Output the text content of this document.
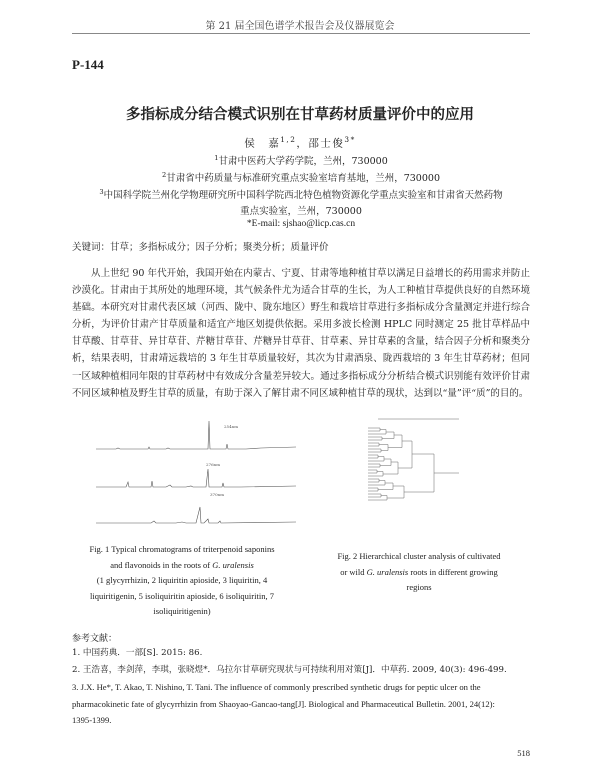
第 21 届全国色谱学术报告会及仪器展览会
P-144
多指标成分结合模式识别在甘草药材质量评价中的应用
侯　嘉$^{1,2}$，邵士俊$^{3*}$
$^1$甘肃中医药大学药学院，兰州，730000
$^2$甘肃省中药质量与标准研究重点实验室培育基地，兰州，730000
$^3$中国科学院兰州化学物理研究所中国科学院西北特色植物资源化学重点实验室和甘肃省天然药物
重点实验室，兰州，730000
*E-mail: sjshao@licp.cas.cn
关键词：甘草；多指标成分；因子分析；聚类分析；质量评价
从上世纪 90 年代开始，我国开始在内蒙古、宁夏、甘肃等地种植甘草以满足日益增长的药用需求并防止沙漠化。甘肃由于其所处的地理环境，其气候条件尤为适合甘草的生长，为人工种植甘草提供良好的自然环境基础。本研究对甘肃代表区域（河西、陇中、陇东地区）野生和栽培甘草进行多指标成分含量测定并进行综合分析，为评价甘肃产甘草质量和适宜产地区划提供依据。采用多波长检测 HPLC 同时测定 25 批甘草样品中甘草酸、甘草苷、异甘草苷、芹糖甘草苷、芹糖异甘草苷、甘草素、异甘草素的含量，结合因子分析和聚类分析，结果表明，甘肃靖远栽培的 3 年生甘草质量较好，其次为甘肃酒泉、陇西栽培的 3 年生甘草药材；但同一区域种植相同年限的甘草药材中有效成分含量差异较大。通过多指标成分分析结合模式识别能有效评价甘肃不同区域种植及野生甘草的质量，有助于深入了解甘肃不同区域种植甘草的现状，达到以“量”评“质”的目的。
254nm
276nm
370nm
Fig. 1 Typical chromatograms of triterpenoid saponins
and flavonoids in the roots of G. uralensis
(1 glycyrrhizin, 2 liquiritin apioside, 3 liquiritin, 4
liquiritigenin, 5 isoliquiritin apioside, 6 isoliquiritin, 7
isoliquiritigenin)
Fig. 2 Hierarchical cluster analysis of cultivated
or wild G. uralensis roots in different growing
regions
参考文献：
1. 中国药典．一部[S]. 2015: 86.
2. 王浩喜，李剑萍，李琪，张晓煜*．乌拉尔甘草研究现状与可持续利用对策[J]．中草药. 2009, 40(3): 496-499.
3. J.X. He*, T. Akao, T. Nishino, T. Tani. The influence of commonly prescribed synthetic drugs for peptic ulcer on the
pharmacokinetic fate of glycyrrhizin from Shaoyao-Gancao-tang[J]. Biological and Pharmaceutical Bulletin. 2001, 24(12):
1395-1399.
518
